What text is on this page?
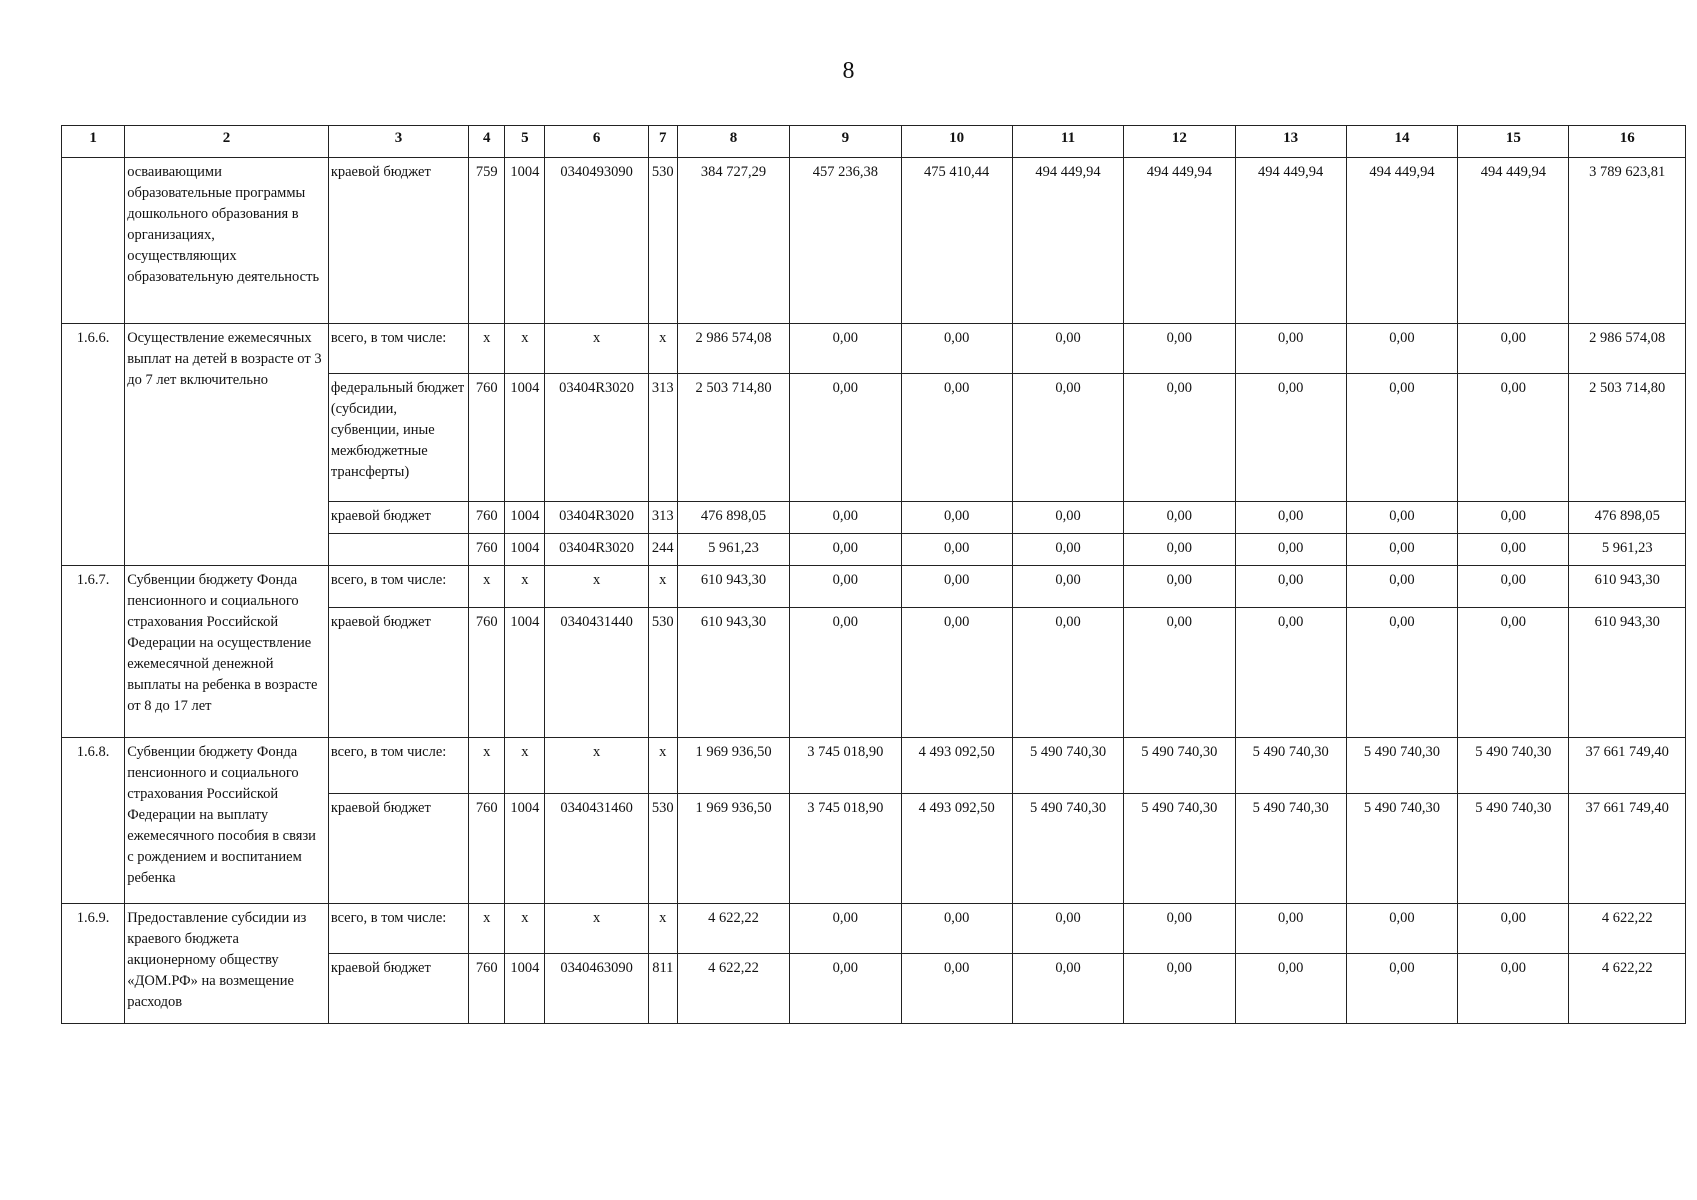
8
1	2	3	4	5	6	7	8	9	10	11	12	13	14	15	16
	осваивающими образовательные программы дошкольного образования в организациях, осуществляющих образовательную деятельность	краевой бюджет	759	1004	0340493090	530	384 727,29	457 236,38	475 410,44	494 449,94	494 449,94	494 449,94	494 449,94	494 449,94	3 789 623,81
1.6.6.	Осуществление ежемесячных выплат на детей в возрасте от 3 до 7 лет включительно	всего, в том числе:	x	x	x	x	2 986 574,08	0,00	0,00	0,00	0,00	0,00	0,00	0,00	2 986 574,08
		федеральный бюджет (субсидии, субвенции, иные межбюджетные трансферты)	760	1004	03404R3020	313	2 503 714,80	0,00	0,00	0,00	0,00	0,00	0,00	0,00	2 503 714,80
		краевой бюджет	760	1004	03404R3020	313	476 898,05	0,00	0,00	0,00	0,00	0,00	0,00	0,00	476 898,05
			760	1004	03404R3020	244	5 961,23	0,00	0,00	0,00	0,00	0,00	0,00	0,00	5 961,23
1.6.7.	Субвенции бюджету Фонда пенсионного и социального страхования Российской Федерации на осуществление ежемесячной денежной выплаты на ребенка в возрасте от 8 до 17 лет	всего, в том числе:	x	x	x	x	610 943,30	0,00	0,00	0,00	0,00	0,00	0,00	0,00	610 943,30
		краевой бюджет	760	1004	0340431440	530	610 943,30	0,00	0,00	0,00	0,00	0,00	0,00	0,00	610 943,30
1.6.8.	Субвенции бюджету Фонда пенсионного и социального страхования Российской Федерации на выплату ежемесячного пособия в связи с рождением и воспитанием ребенка	всего, в том числе:	x	x	x	x	1 969 936,50	3 745 018,90	4 493 092,50	5 490 740,30	5 490 740,30	5 490 740,30	5 490 740,30	5 490 740,30	37 661 749,40
		краевой бюджет	760	1004	0340431460	530	1 969 936,50	3 745 018,90	4 493 092,50	5 490 740,30	5 490 740,30	5 490 740,30	5 490 740,30	5 490 740,30	37 661 749,40
1.6.9.	Предоставление субсидии из краевого бюджета акционерному обществу «ДОМ.РФ» на возмещение расходов	всего, в том числе:	x	x	x	x	4 622,22	0,00	0,00	0,00	0,00	0,00	0,00	0,00	4 622,22
		краевой бюджет	760	1004	0340463090	811	4 622,22	0,00	0,00	0,00	0,00	0,00	0,00	0,00	4 622,22
